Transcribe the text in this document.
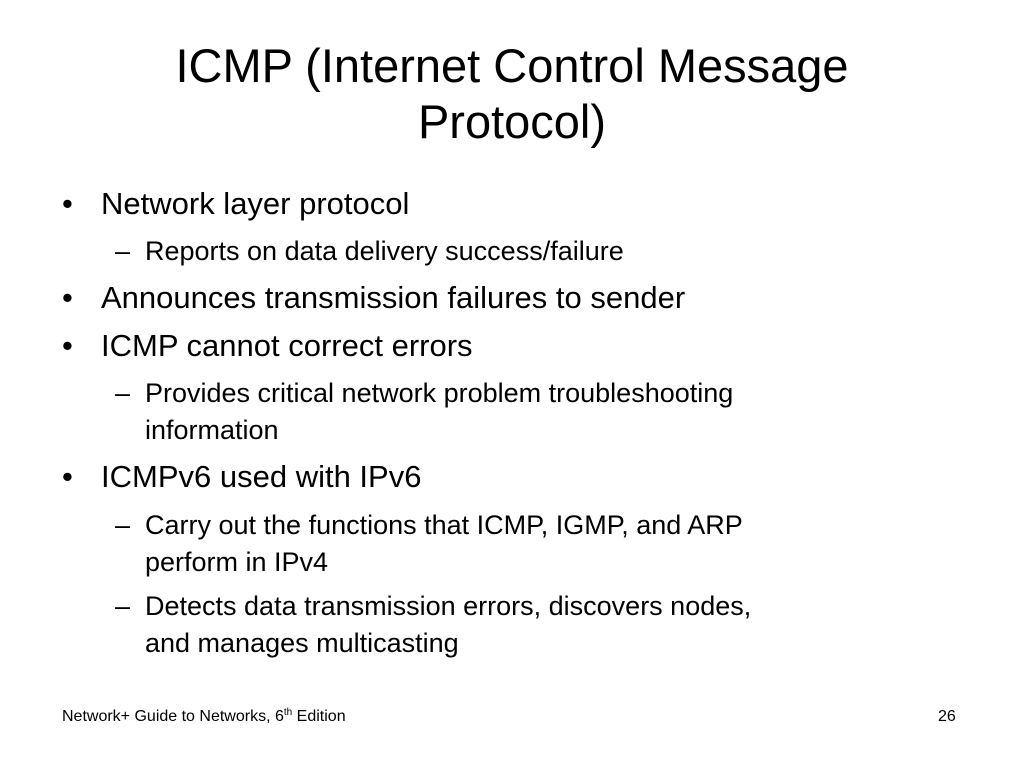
ICMP (Internet Control Message
Protocol)
• Network layer protocol
– Reports on data delivery success/failure
• Announces transmission failures to sender
• ICMP cannot correct errors
– Provides critical network problem troubleshooting
information
• ICMPv6 used with IPv6
– Carry out the functions that ICMP, IGMP, and ARP
perform in IPv4
– Detects data transmission errors, discovers nodes,
and manages multicasting
Network+ Guide to Networks, 6th Edition	26
